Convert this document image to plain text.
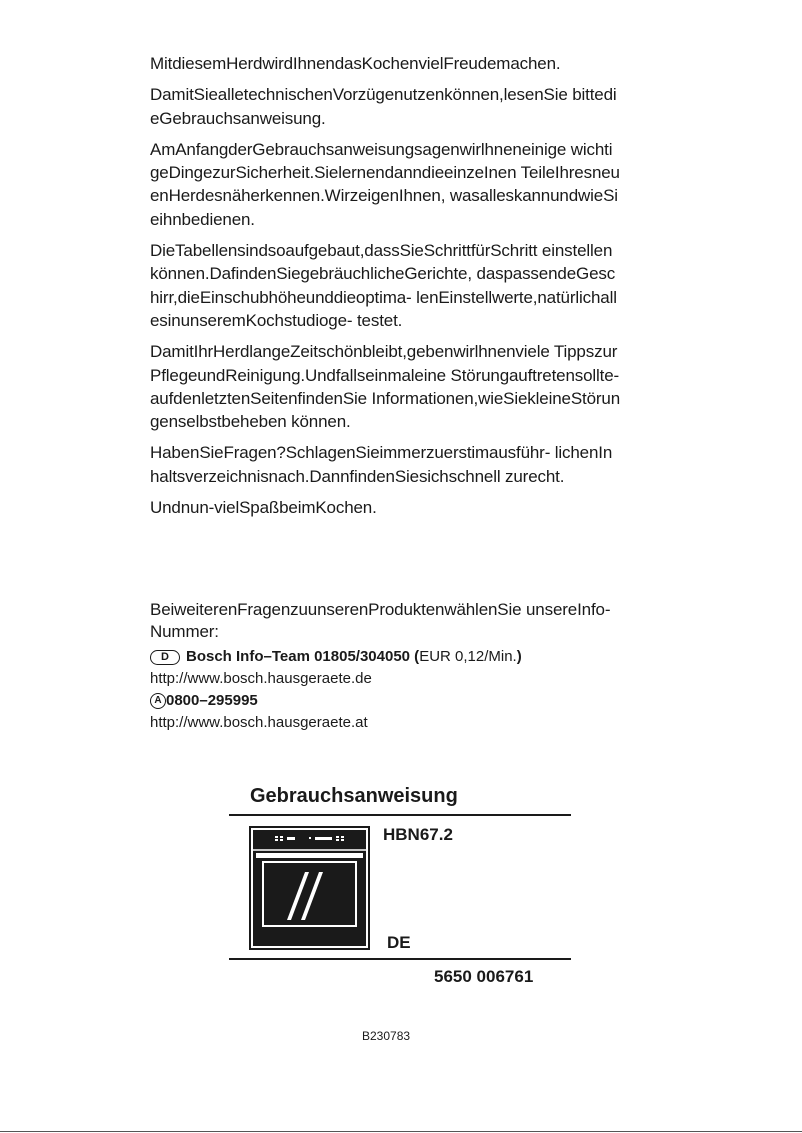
MitdiesemHerdwirdIhnendasKochenvielFreudemachen.

DamitSiealletechnischenVorzügenutzenkönnen,lesenSie bittedieGebrauchsanweisung.

AmAnfangderGebrauchsanweisungsagenwirlhneneinige wichtigeDingezurSicherheit.SielernendanndieeinzeInen TeileIhresneuenHerdesnäherkennen.WirzeigenIhnen, wasalleskannundwieSieihnbedienen.

DieTabellensindsoaufgebaut,dassSieSchrittfürSchritt einstellenkönnen.DafindenSiegebräuchlicheGerichte, daspassendeGeschirr,dieEinschubhöheunddieoptima- lenEinstellwerte,natürlichallesinunseremKochstudioge- testet.

DamitIhrHerdlangeZeitschönbleibt,gebenwirlhnenviele TippszurPflegeundReinigung.Undfallseinmaleine Störungauftretensollte-aufdenletztenSeitenfindenSie Informationen,wieSiekleineStörungenselbstbeheben können.

HabenSieFragen?SchlagenSieimmerzuerstimausführ- lichenInhaltsverzeichnisnach.DannfindenSiesichschnell zurecht.

Undnun-vielSpaßbeimKochen.

BeiweiterenFragenzuunserenProduktenwählenSie unsereInfo-Nummer:

D	Bosch Info–Team 01805/304050 ( EUR 0,12/Min. )
http://www.bosch.hausgeraete.de
A 0800–295995
http://www.bosch.hausgeraete.at
Gebrauchsanweisung
HBN67.2
DE
5650 006761
B230783
